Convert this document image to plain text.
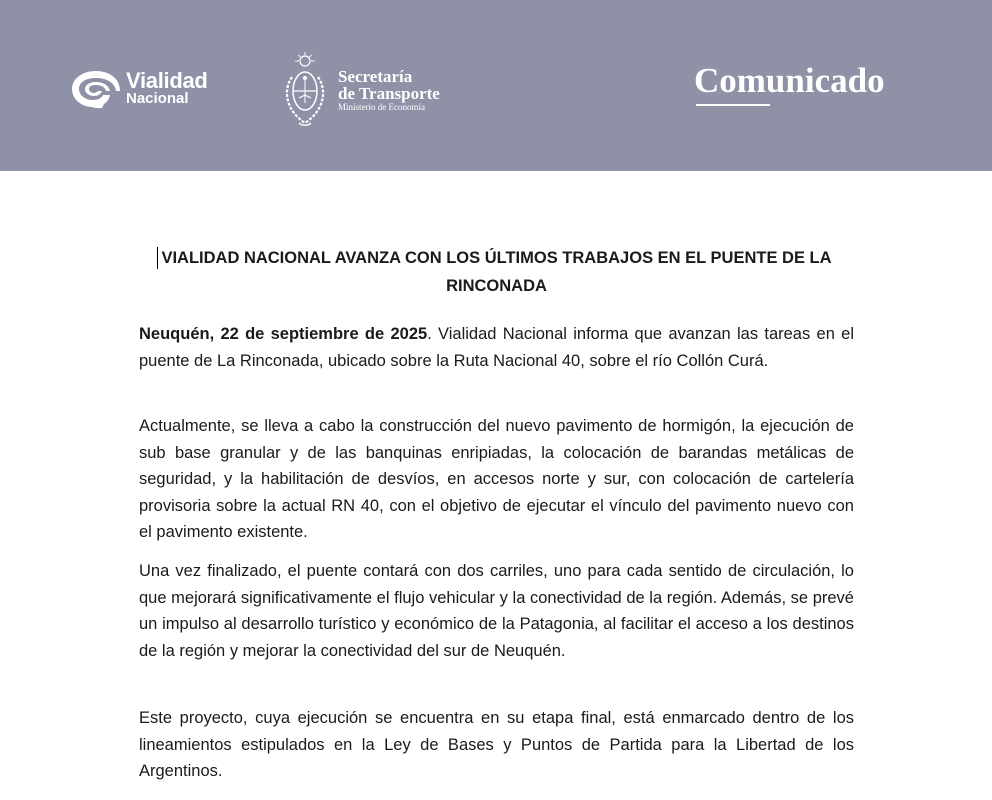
Vialidad
Nacional
Secretaría
de Transporte
Ministerio de Economía
Comunicado
VIALIDAD NACIONAL AVANZA CON LOS ÚLTIMOS TRABAJOS EN EL PUENTE DE LA RINCONADA

Neuquén, 22 de septiembre de 2025. Vialidad Nacional informa que avanzan las tareas en el puente de La Rinconada, ubicado sobre la Ruta Nacional 40, sobre el río Collón Curá.

Actualmente, se lleva a cabo la construcción del nuevo pavimento de hormigón, la ejecución de sub base granular y de las banquinas enripiadas, la colocación de barandas metálicas de seguridad, y la habilitación de desvíos, en accesos norte y sur, con colocación de cartelería provisoria sobre la actual RN 40, con el objetivo de ejecutar el vínculo del pavimento nuevo con el pavimento existente.

Una vez finalizado, el puente contará con dos carriles, uno para cada sentido de circulación, lo que mejorará significativamente el flujo vehicular y la conectividad de la región. Además, se prevé un impulso al desarrollo turístico y económico de la Patagonia, al facilitar el acceso a los destinos de la región y mejorar la conectividad del sur de Neuquén.

Este proyecto, cuya ejecución se encuentra en su etapa final, está enmarcado dentro de los lineamientos estipulados en la Ley de Bases y Puntos de Partida para la Libertad de los Argentinos.
